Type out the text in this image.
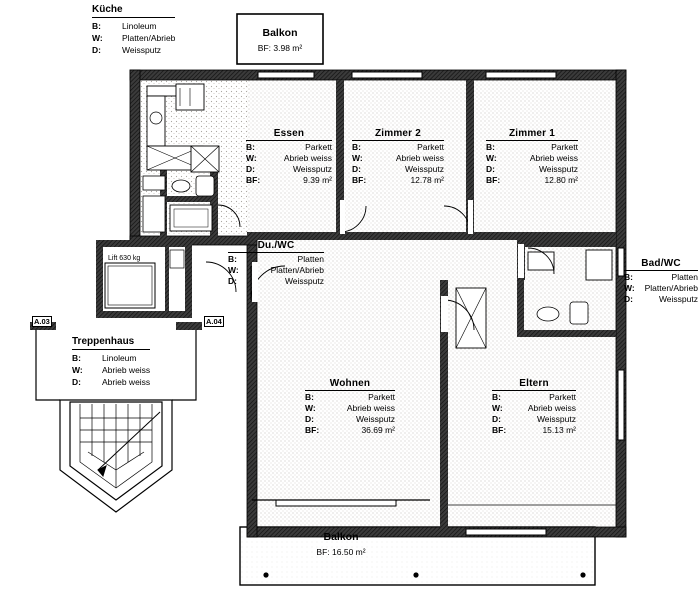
Küche
B:	Linoleum
W:	Platten/Abrieb
D:	Weissputz
Balkon
BF: 3.98 m²
Essen
B:	Parkett
W:	Abrieb weiss
D:	Weissputz
BF:	9.39 m²
Zimmer 2
B:	Parkett
W:	Abrieb weiss
D:	Weissputz
BF:	12.78 m²
Zimmer 1
B:	Parkett
W:	Abrieb weiss
D:	Weissputz
BF:	12.80 m²
Du./WC
B:	Platten
W:	Platten/Abrieb
D:	Weissputz
Bad/WC
B:	Platten
W:	Platten/Abrieb
D:	Weissputz
Wohnen
B:	Parkett
W:	Abrieb weiss
D:	Weissputz
BF:	36.69 m²
Eltern
B:	Parkett
W:	Abrieb weiss
D:	Weissputz
BF:	15.13 m²
Treppenhaus
B:	Linoleum
W:	Abrieb weiss
D:	Abrieb weiss
Balkon
BF: 16.50 m²
Lift 630 kg
A.03	A.04
